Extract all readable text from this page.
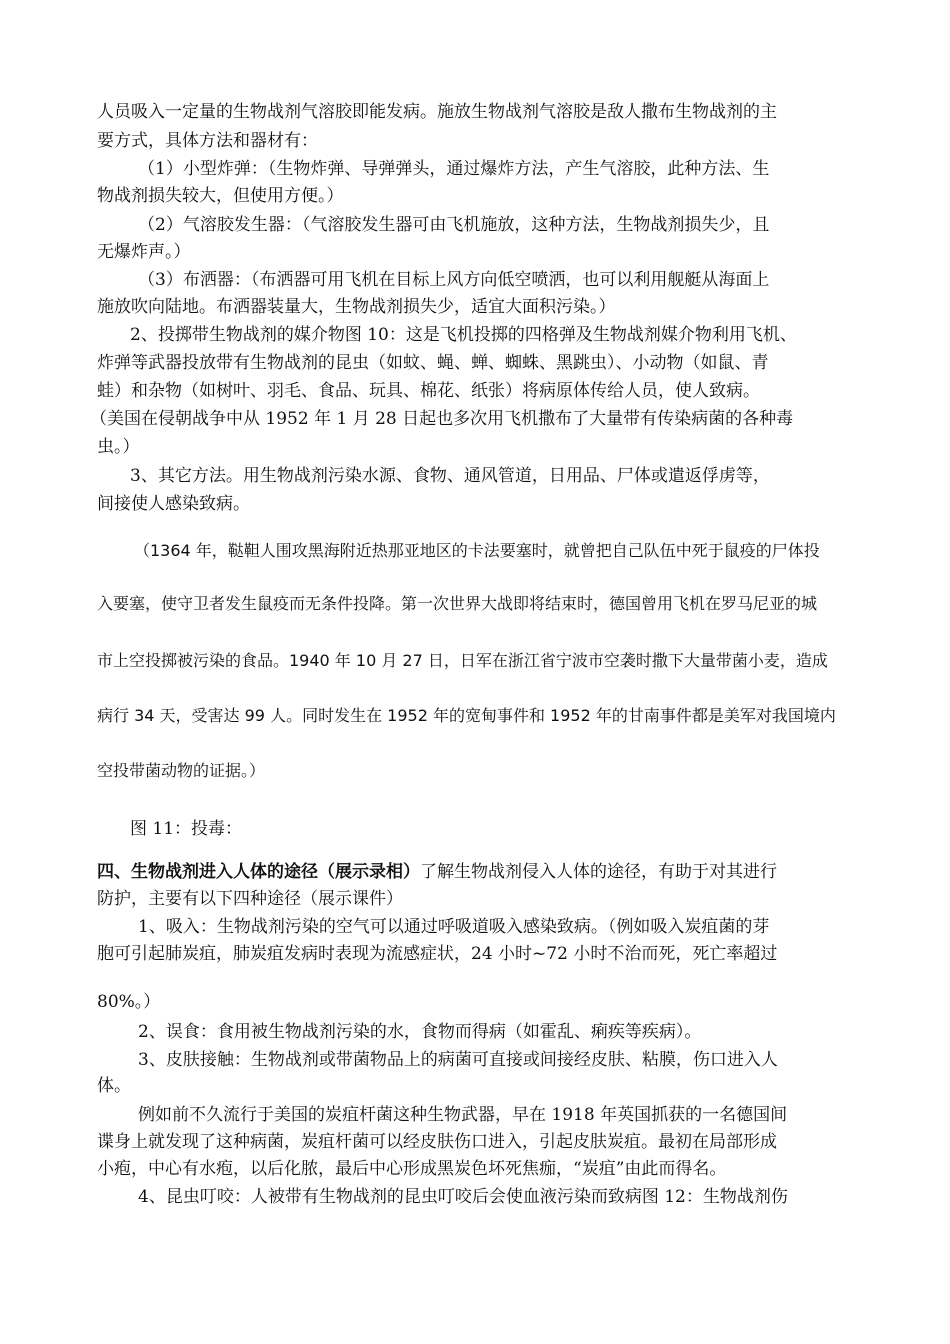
人员吸入一定量的生物战剂气溶胶即能发病。施放生物战剂气溶胶是敌人撒布生物战剂的主

要方式，具体方法和器材有：

（1）小型炸弹：（生物炸弹、导弹弹头，通过爆炸方法，产生气溶胶，此种方法、生

物战剂损失较大，但使用方便。）

（2）气溶胶发生器：（气溶胶发生器可由飞机施放，这种方法，生物战剂损失少，且

无爆炸声。）

（3）布洒器：（布洒器可用飞机在目标上风方向低空喷洒，也可以利用舰艇从海面上

施放吹向陆地。布洒器装量大，生物战剂损失少，适宜大面积污染。）

2、投掷带生物战剂的媒介物图 10：这是飞机投掷的四格弹及生物战剂媒介物利用飞机、

炸弹等武器投放带有生物战剂的昆虫（如蚊、蝇、蝉、蜘蛛、黑跳虫）、小动物（如鼠、青

蛙）和杂物（如树叶、羽毛、食品、玩具、棉花、纸张）将病原体传给人员，使人致病。

（美国在侵朝战争中从 1952 年 1 月 28 日起也多次用飞机撒布了大量带有传染病菌的各种毒

虫。）

3、其它方法。用生物战剂污染水源、食物、通风管道，日用品、尸体或遣返俘虏等，

间接使人感染致病。

（1364 年，鞑靼人围攻黑海附近热那亚地区的卡法要塞时，就曾把自己队伍中死于鼠疫的尸体投

入要塞，使守卫者发生鼠疫而无条件投降。第一次世界大战即将结束时，德国曾用飞机在罗马尼亚的城

市上空投掷被污染的食品。1940 年 10 月 27 日，日军在浙江省宁波市空袭时撒下大量带菌小麦，造成

病行 34 天，受害达 99 人。同时发生在 1952 年的宽甸事件和 1952 年的甘南事件都是美军对我国境内

空投带菌动物的证据。）

图 11：投毒：

四、生物战剂进入人体的途径（展示录相）了解生物战剂侵入人体的途径，有助于对其进行

防护，主要有以下四种途径（展示课件）

1、吸入：生物战剂污染的空气可以通过呼吸道吸入感染致病。（例如吸入炭疽菌的芽

胞可引起肺炭疽，肺炭疽发病时表现为流感症状，24 小时~72 小时不治而死，死亡率超过

80%。）

2、误食：食用被生物战剂污染的水，食物而得病（如霍乱、痢疾等疾病）。

3、皮肤接触：生物战剂或带菌物品上的病菌可直接或间接经皮肤、粘膜，伤口进入人

体。

例如前不久流行于美国的炭疽杆菌这种生物武器，早在 1918 年英国抓获的一名德国间

谍身上就发现了这种病菌，炭疽杆菌可以经皮肤伤口进入，引起皮肤炭疽。最初在局部形成

小疱，中心有水疱，以后化脓，最后中心形成黑炭色坏死焦痂，“炭疽”由此而得名。

4、昆虫叮咬：人被带有生物战剂的昆虫叮咬后会使血液污染而致病图 12：生物战剂伤
